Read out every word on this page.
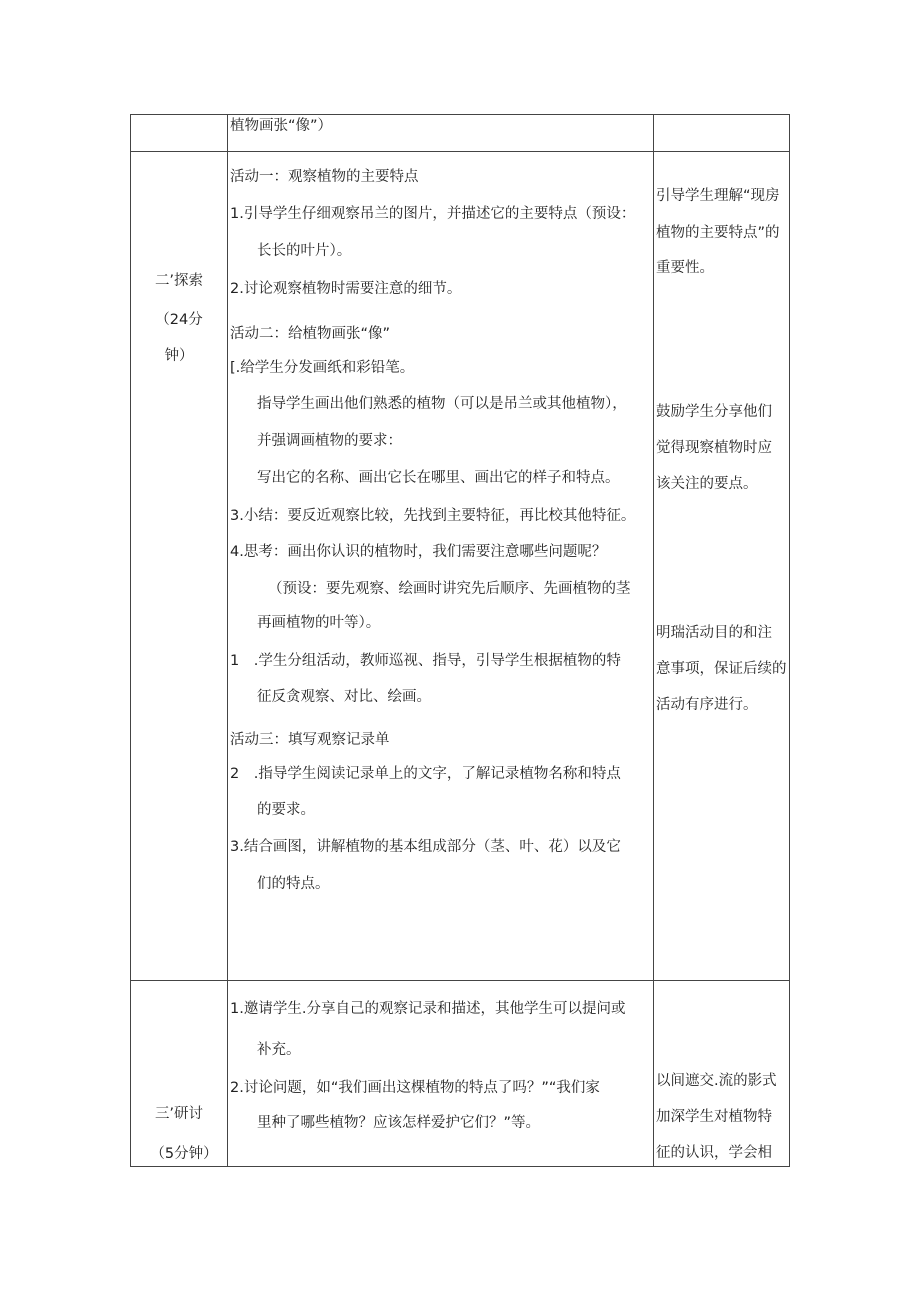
植物画张“像”）
二’探索
（24分
钟）
活动一：观察植物的主要特点
1.引导学生仔细观察吊兰的图片，并描述它的主要特点（预设：
长长的叶片）。
2.讨论观察植物时需要注意的细节。
活动二：给植物画张“像”
[.给学生分发画纸和彩铅笔。
指导学生画出他们熟悉的植物（可以是吊兰或其他植物），
并强调画植物的要求：
写出它的名称、画出它长在哪里、画出它的样子和特点。
3.小结：要反近观察比较，先找到主要特征，再比校其他特征。
4.思考：画出你认识的植物时，我们需要注意哪些问题呢？
（预设：要先观察、绘画时讲究先后顺序、先画植物的茎
再画植物的叶等）。
1　.学生分组活动，教师巡视、指导，引导学生根据植物的特
征反贪观察、对比、绘画。
活动三：填写观察记录单
2　.指导学生阅读记录单上的文字，了解记录植物名称和特点
的要求。
3.结合画图，讲解植物的基本组成部分（茎、叶、花）以及它
们的特点。
引导学生理解“现房
植物的主要特点”的
重要性。
鼓励学生分享他们
觉得现察植物时应
该关注的要点。
明瑞活动目的和注
意事项，保证后续的
活动有序进行。
三’研讨
（5分钟）
1.邀请学生.分享自己的观察记录和描述，其他学生可以提问或
补充。
2.讨论问题，如“我们画出这棵植物的特点了吗？”“我们家
里种了哪些植物？应该怎样爱护它们？”等。
以间遮交.流的影式
加深学生对植物特
征的认识，学会相
